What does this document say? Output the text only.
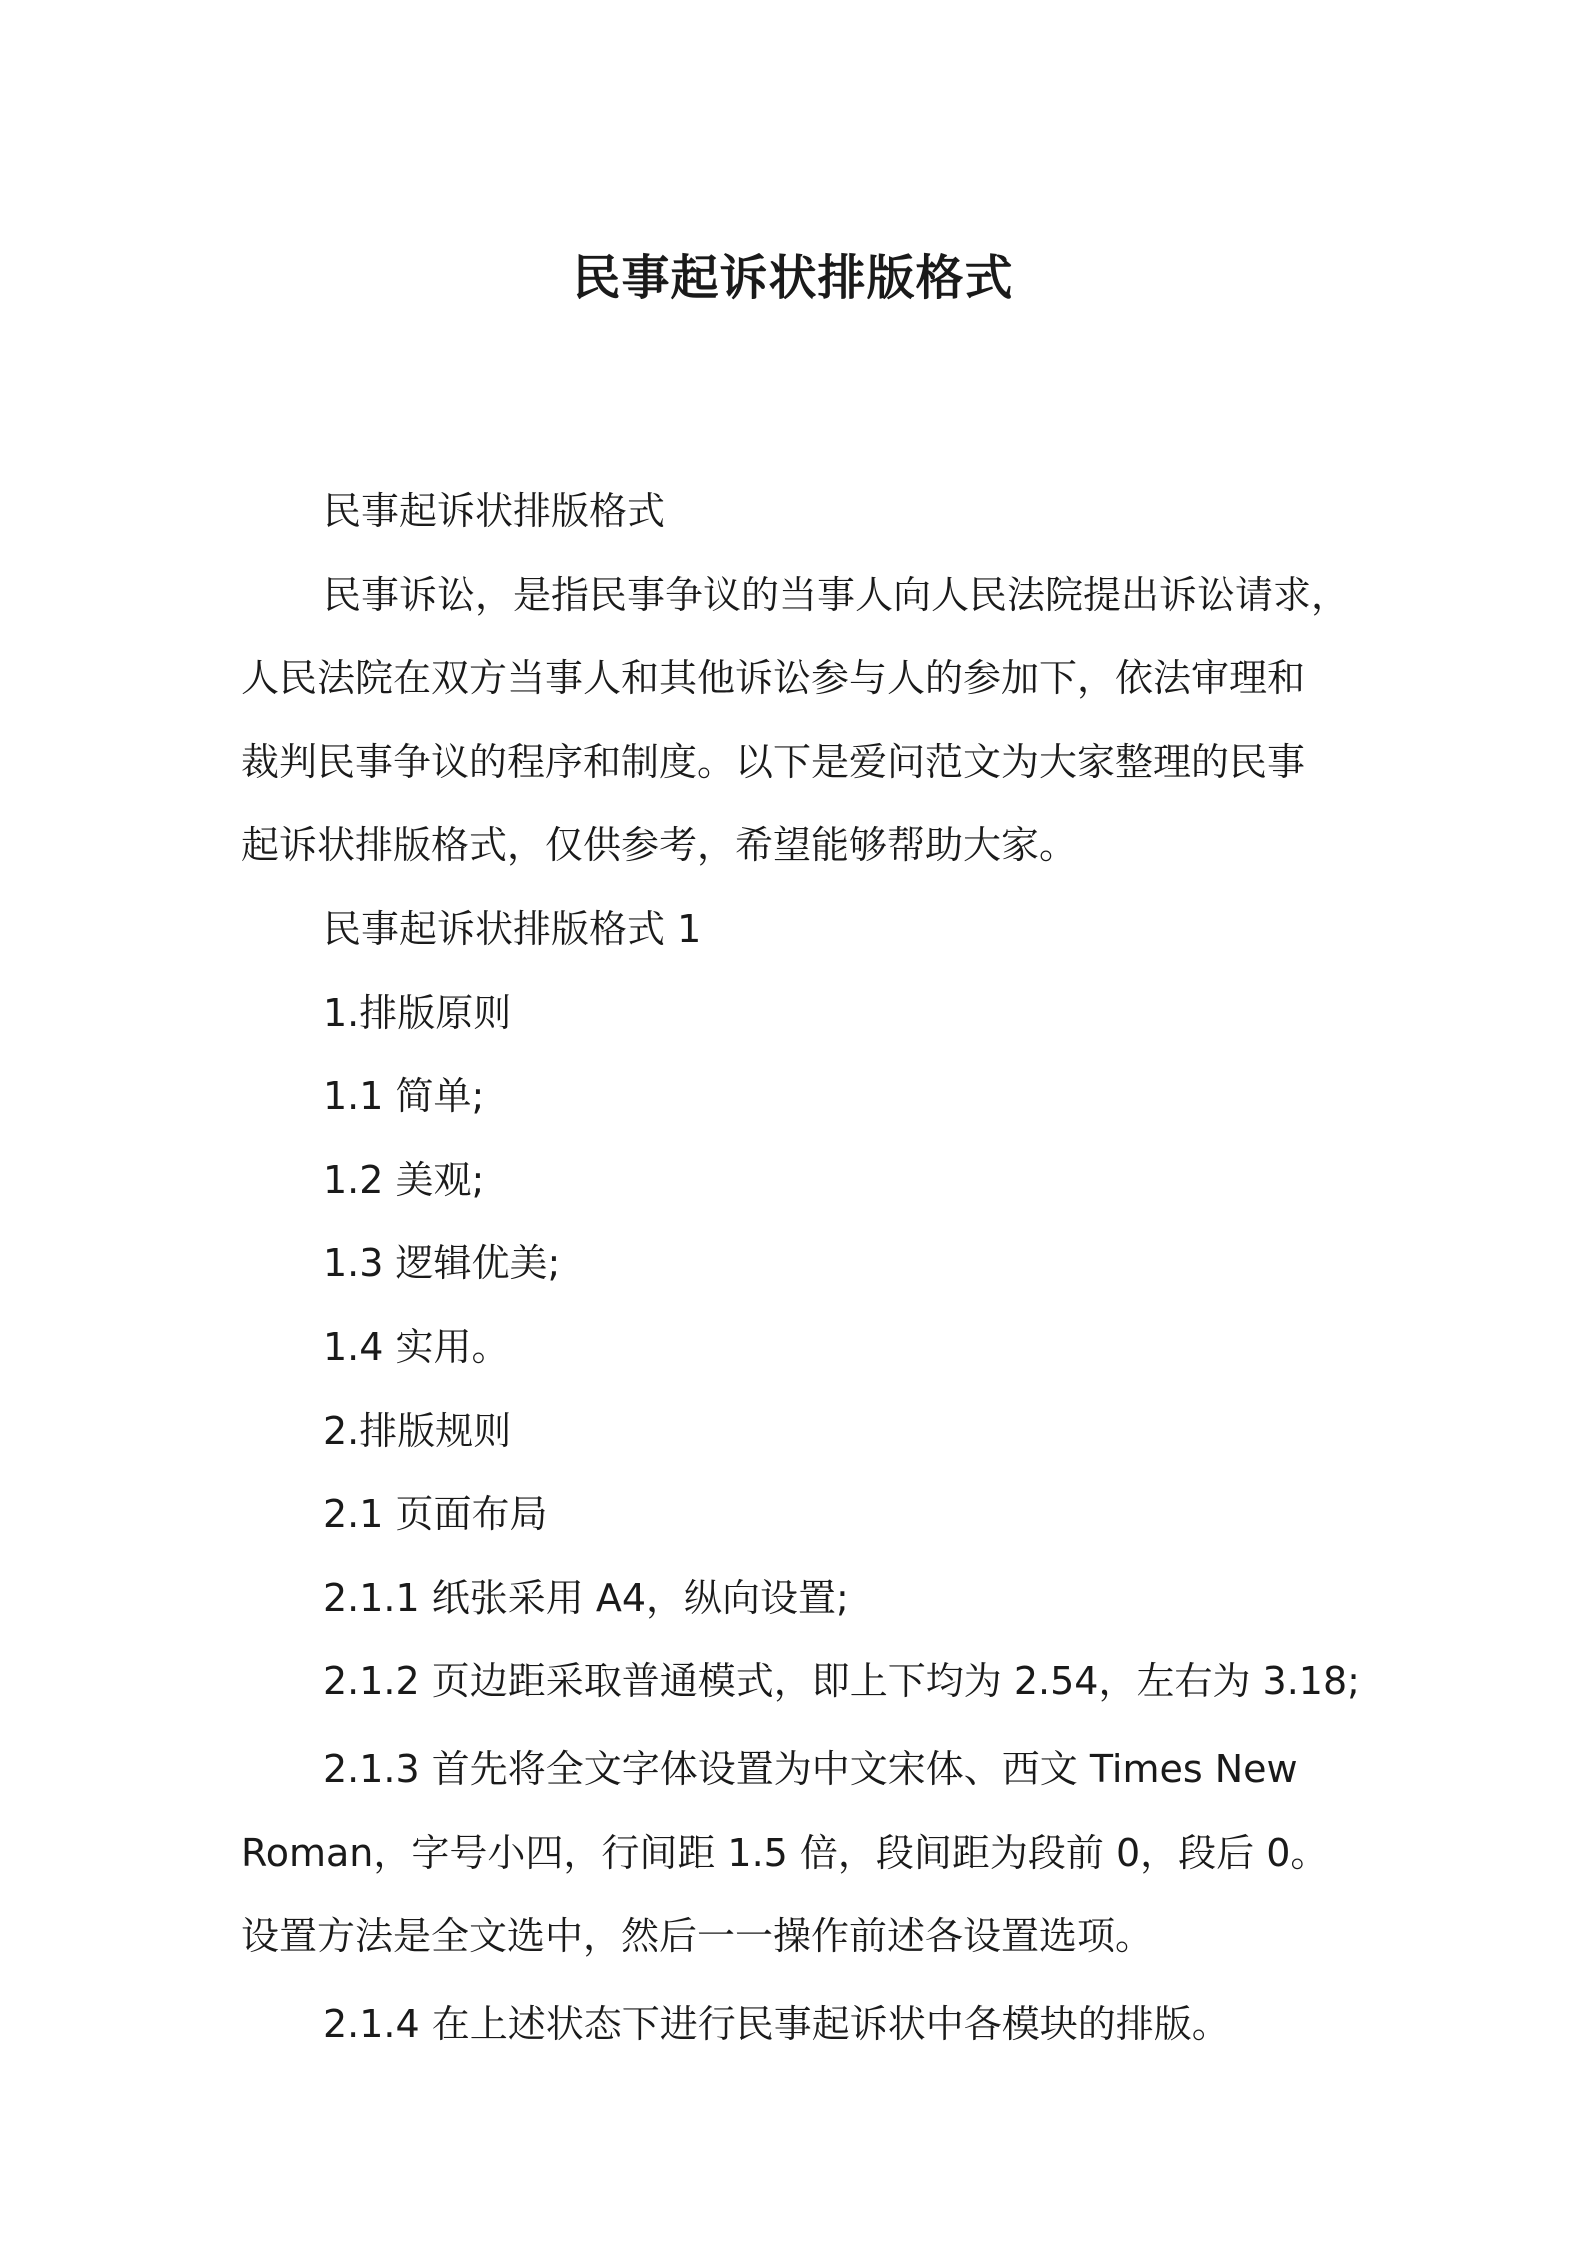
民事起诉状排版格式

民事起诉状排版格式

民事诉讼，是指民事争议的当事人向人民法院提出诉讼请求，
人民法院在双方当事人和其他诉讼参与人的参加下，依法审理和
裁判民事争议的程序和制度。以下是爱问范文为大家整理的民事
起诉状排版格式，仅供参考，希望能够帮助大家。

民事起诉状排版格式 1

1.排版原则

1.1 简单;

1.2 美观;

1.3 逻辑优美;

1.4 实用。

2.排版规则

2.1 页面布局

2.1.1 纸张采用 A4，纵向设置;

2.1.2 页边距采取普通模式，即上下均为 2.54，左右为 3.18;

2.1.3 首先将全文字体设置为中文宋体、西文 Times New
Roman，字号小四，行间距 1.5 倍，段间距为段前 0，段后 0。
设置方法是全文选中，然后一一操作前述各设置选项。

2.1.4 在上述状态下进行民事起诉状中各模块的排版。
